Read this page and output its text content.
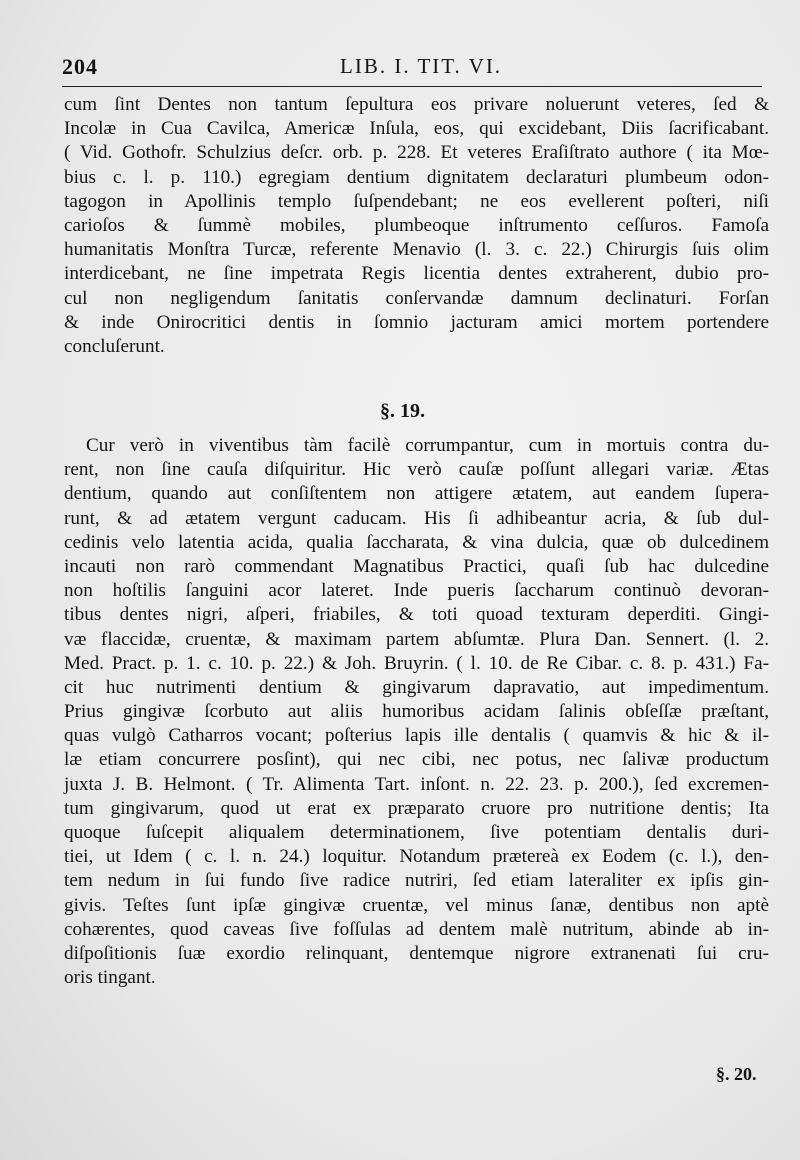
204	LIB. I. TIT. VI.
cum ſint Dentes non tantum ſepultura eos privare noluerunt veteres, ſed &
Incolæ in Cua Cavilca, Americæ Inſula, eos, qui excidebant, Diis ſacrificabant.
( Vid. Gothofr. Schulzius deſcr. orb. p. 228. Et veteres Eraſiſtrato authore ( ita Mœ-
bius c. l. p. 110.) egregiam dentium dignitatem declaraturi plumbeum odon-
tagogon in Apollinis templo ſuſpendebant; ne eos evellerent poſteri, niſi
carioſos & ſummè mobiles, plumbeoque inſtrumento ceſſuros. Famoſa
humanitatis Monſtra Turcæ, referente Menavio (l. 3. c. 22.) Chirurgis ſuis olim
interdicebant, ne ſine impetrata Regis licentia dentes extraherent, dubio pro-
cul non negligendum ſanitatis conſervandæ damnum declinaturi. Forſan
& inde Onirocritici dentis in ſomnio jacturam amici mortem portendere
concluſerunt.
§. 19.
Cur verò in viventibus tàm facilè corrumpantur, cum in mortuis contra du-
rent, non ſine cauſa diſquiritur. Hic verò cauſæ poſſunt allegari variæ. Ætas
dentium, quando aut conſiſtentem non attigere ætatem, aut eandem ſupera-
runt, & ad ætatem vergunt caducam. His ſi adhibeantur acria, & ſub dul-
cedinis velo latentia acida, qualia ſaccharata, & vina dulcia, quæ ob dulcedinem
incauti non rarò commendant Magnatibus Practici, quaſi ſub hac dulcedine
non hoſtilis ſanguini acor lateret. Inde pueris ſaccharum continuò devoran-
tibus dentes nigri, aſperi, friabiles, & toti quoad texturam deperditi. Gingi-
væ flaccidæ, cruentæ, & maximam partem abſumtæ. Plura Dan. Sennert. (l. 2.
Med. Pract. p. 1. c. 10. p. 22.) & Joh. Bruyrin. ( l. 10. de Re Cibar. c. 8. p. 431.) Fa-
cit huc nutrimenti dentium & gingivarum dapravatio, aut impedimentum.
Prius gingivæ ſcorbuto aut aliis humoribus acidam ſalinis obſeſſæ præſtant,
quas vulgò Catharros vocant; poſterius lapis ille dentalis ( quamvis & hic & il-
læ etiam concurrere posſint), qui nec cibi, nec potus, nec ſalivæ productum
juxta J. B. Helmont. ( Tr. Alimenta Tart. inſont. n. 22. 23. p. 200.), ſed excremen-
tum gingivarum, quod ut erat ex præparato cruore pro nutritione dentis; Ita
quoque ſuſcepit aliqualem determinationem, ſive potentiam dentalis duri-
tiei, ut Idem ( c. l. n. 24.) loquitur. Notandum prætereà ex Eodem (c. l.), den-
tem nedum in ſui fundo ſive radice nutriri, ſed etiam lateraliter ex ipſis gin-
givis. Teſtes ſunt ipſæ gingivæ cruentæ, vel minus ſanæ, dentibus non aptè
cohærentes, quod caveas ſive foſſulas ad dentem malè nutritum, abinde ab in-
diſpoſitionis ſuæ exordio relinquant, dentemque nigrore extranenati ſui cru-
oris tingant.
§. 20.
